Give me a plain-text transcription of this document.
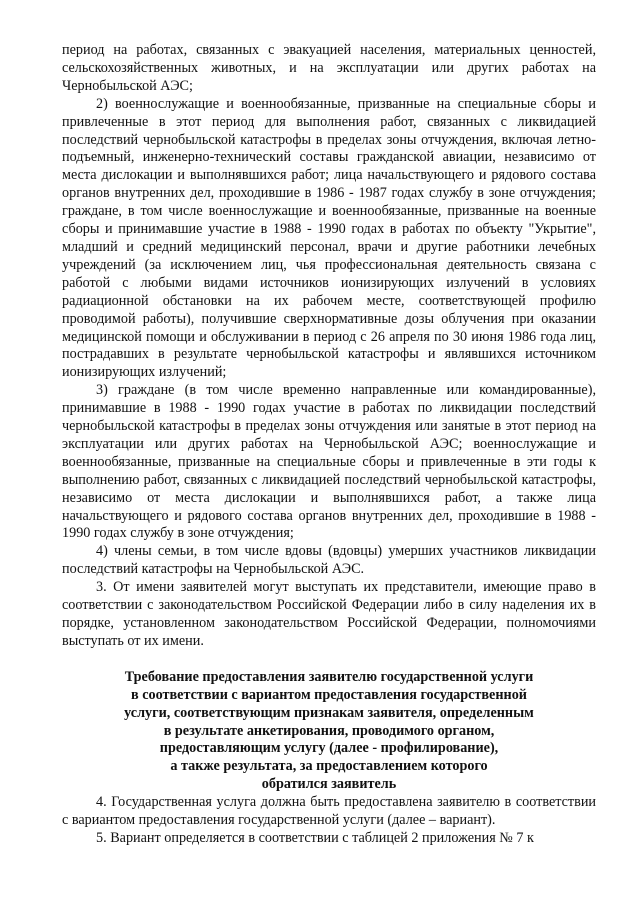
период на работах, связанных с эвакуацией населения, материальных ценностей, сельскохозяйственных животных, и на эксплуатации или других работах на Чернобыльской АЭС;

2) военнослужащие и военнообязанные, призванные на специальные сборы и привлеченные в этот период для выполнения работ, связанных с ликвидацией последствий чернобыльской катастрофы в пределах зоны отчуждения, включая летно-подъемный, инженерно-технический составы гражданской авиации, независимо от места дислокации и выполнявшихся работ; лица начальствующего и рядового состава органов внутренних дел, проходившие в 1986 - 1987 годах службу в зоне отчуждения; граждане, в том числе военнослужащие и военнообязанные, призванные на военные сборы и принимавшие участие в 1988 - 1990 годах в работах по объекту "Укрытие", младший и средний медицинский персонал, врачи и другие работники лечебных учреждений (за исключением лиц, чья профессиональная деятельность связана с работой с любыми видами источников ионизирующих излучений в условиях радиационной обстановки на их рабочем месте, соответствующей профилю проводимой работы), получившие сверхнормативные дозы облучения при оказании медицинской помощи и обслуживании в период с 26 апреля по 30 июня 1986 года лиц, пострадавших в результате чернобыльской катастрофы и являвшихся источником ионизирующих излучений;

3) граждане (в том числе временно направленные или командированные), принимавшие в 1988 - 1990 годах участие в работах по ликвидации последствий чернобыльской катастрофы в пределах зоны отчуждения или занятые в этот период на эксплуатации или других работах на Чернобыльской АЭС; военнослужащие и военнообязанные, призванные на специальные сборы и привлеченные в эти годы к выполнению работ, связанных с ликвидацией последствий чернобыльской катастрофы, независимо от места дислокации и выполнявшихся работ, а также лица начальствующего и рядового состава органов внутренних дел, проходившие в 1988 - 1990 годах службу в зоне отчуждения;

4) члены семьи, в том числе вдовы (вдовцы) умерших участников ликвидации последствий катастрофы на Чернобыльской АЭС.

3. От имени заявителей могут выступать их представители, имеющие право в соответствии с законодательством Российской Федерации либо в силу наделения их в порядке, установленном законодательством Российской Федерации, полномочиями выступать от их имени.

Требование предоставления заявителю государственной услуги
в соответствии с вариантом предоставления государственной
услуги, соответствующим признакам заявителя, определенным
в результате анкетирования, проводимого органом,
предоставляющим услугу (далее - профилирование),
а также результата, за предоставлением которого
обратился заявитель

4. Государственная услуга должна быть предоставлена заявителю в соответствии с вариантом предоставления государственной услуги (далее – вариант).

5. Вариант определяется в соответствии с таблицей 2 приложения № 7 к
